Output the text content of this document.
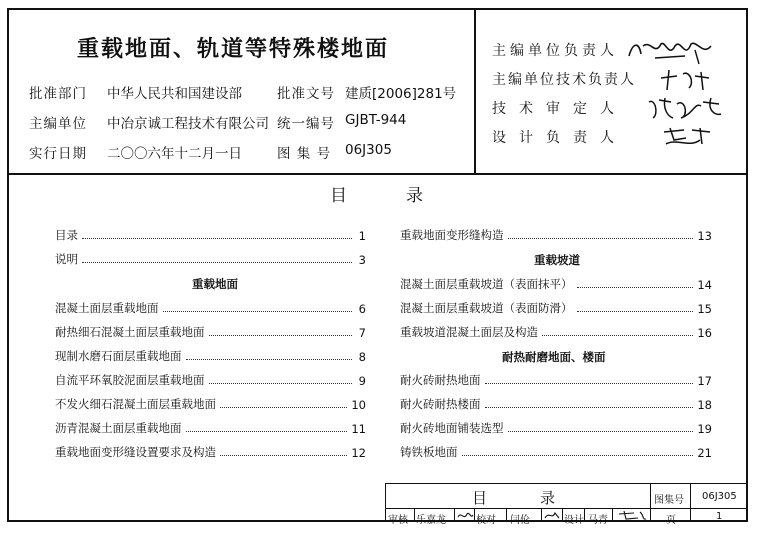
重载地面、轨道等特殊楼地面
批准部门 中华人民共和国建设部	批准文号 建质[2006]281号
主编单位 中冶京诚工程技术有限公司 统一编号 GJBT-944
实行日期 二〇〇六年十二月一日	图 集 号 06J305
主编单位负责人
主编单位技术负责人
技术审定人
设计负责人
目　　　录
目录	1
说明	3
重载地面
混凝土面层重载地面	6
耐热细石混凝土面层重载地面	7
现制水磨石面层重载地面	8
自流平环氧胶泥面层重载地面	9
不发火细石混凝土面层重载地面	10
沥青混凝土面层重载地面	11
重载地面变形缝设置要求及构造	12
重载地面变形缝构造	13
重载坡道
混凝土面层重载坡道（表面抹平）	14
混凝土面层重载坡道（表面防滑）	15
重载坡道混凝土面层及构造	16
耐热耐磨地面、楼面
耐火砖耐热地面	17
耐火砖耐热楼面	18
耐火砖地面铺装选型	19
铸铁板地面	21
目　　　录	图集号 06J305
审核 乐嘉龙	校对 闫伦	设计 马青	页	1
